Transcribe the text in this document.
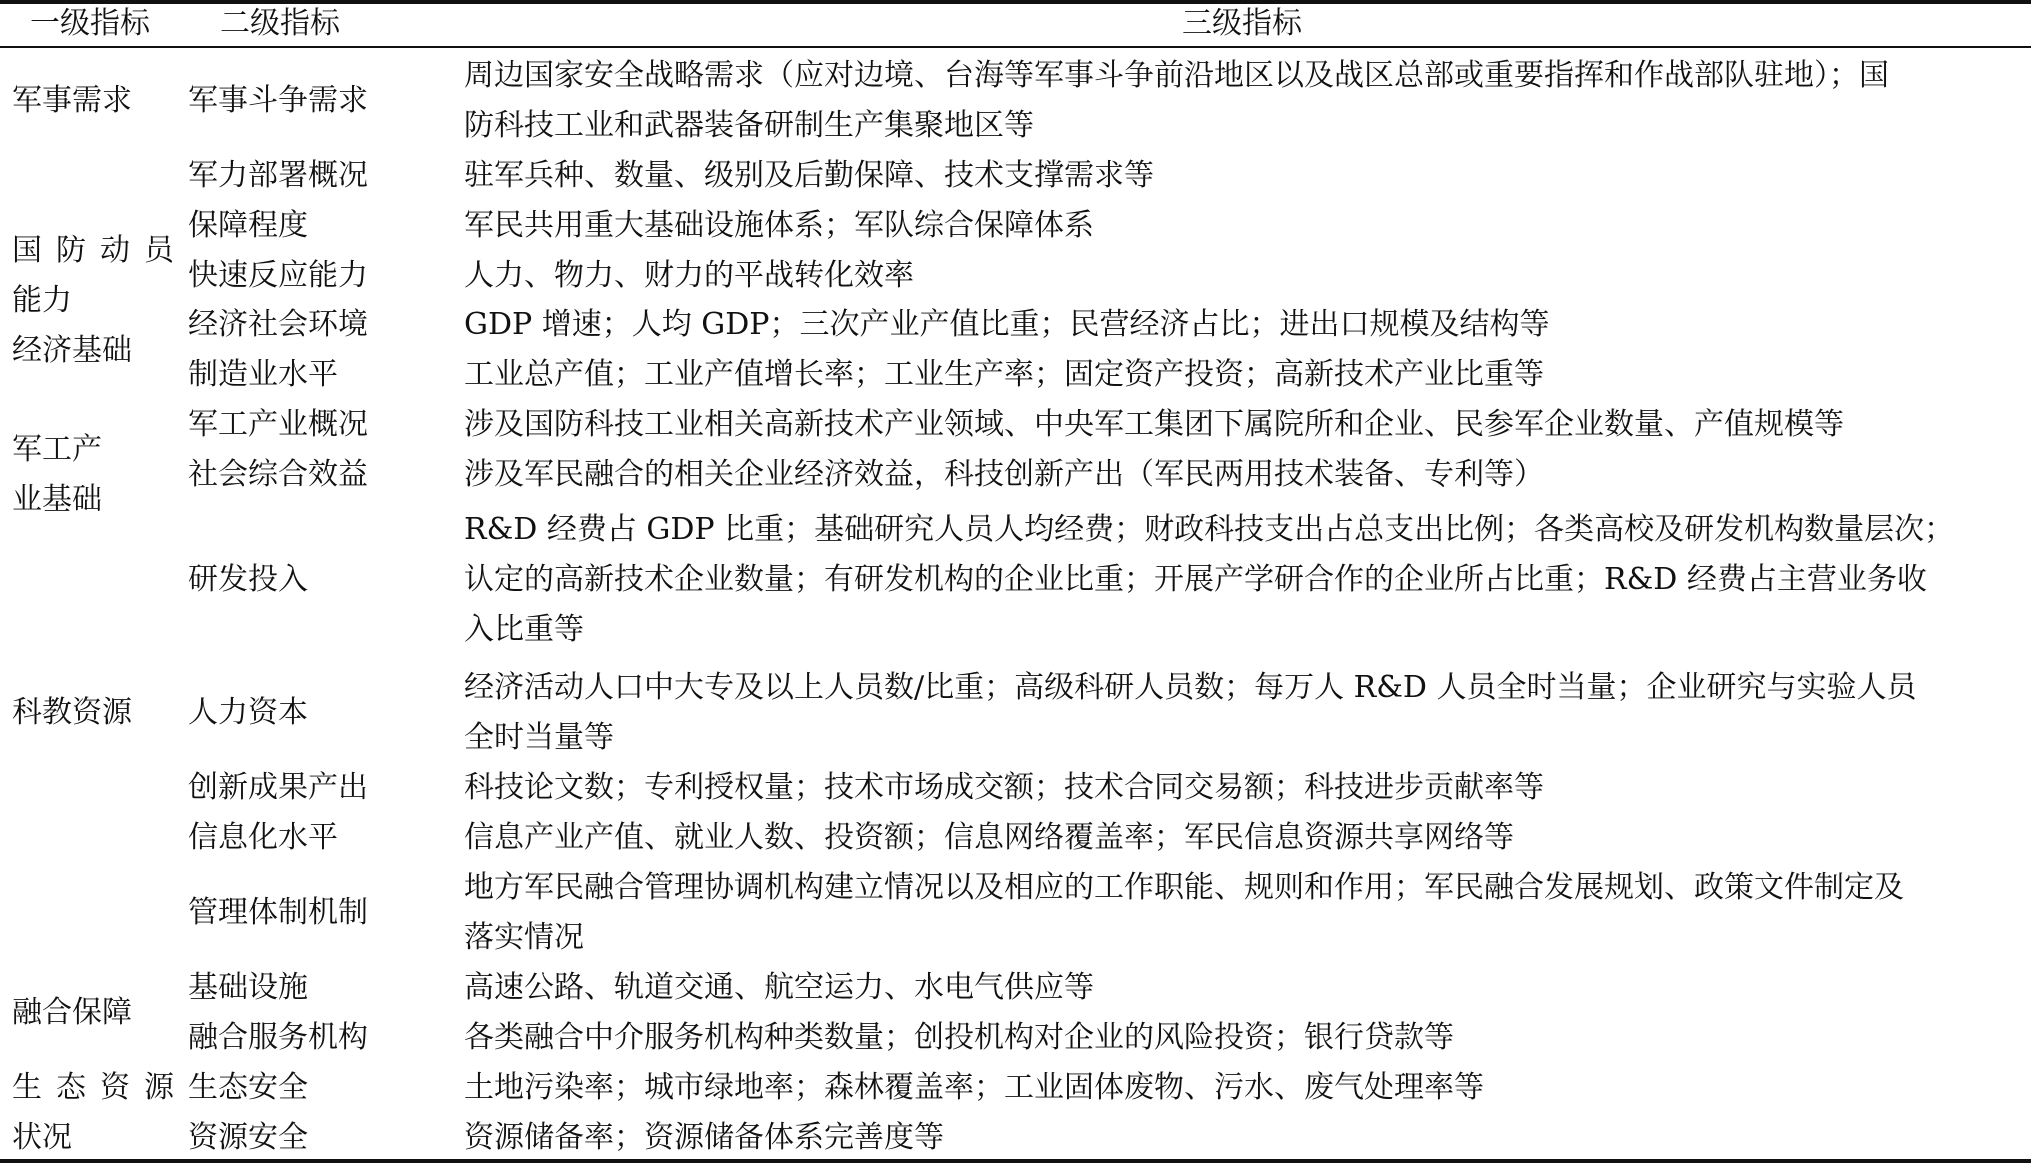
一级指标 二级指标	三级指标
军事需求
国防动员
能力
经济基础
军工产
业基础
科教资源
融合保障
生态资源
状况
军事斗争需求
军力部署概况
保障程度
快速反应能力
经济社会环境
制造业水平
军工产业概况
社会综合效益
研发投入
人力资本
创新成果产出
信息化水平
管理体制机制
基础设施
融合服务机构
生态安全
资源安全
周边国家安全战略需求（应对边境、台海等军事斗争前沿地区以及战区总部或重要指挥和作战部队驻地）；国
防科技工业和武器装备研制生产集聚地区等
驻军兵种、数量、级别及后勤保障、技术支撑需求等
军民共用重大基础设施体系；军队综合保障体系
人力、物力、财力的平战转化效率
GDP 增速；人均 GDP；三次产业产值比重；民营经济占比；进出口规模及结构等
工业总产值；工业产值增长率；工业生产率；固定资产投资；高新技术产业比重等
涉及国防科技工业相关高新技术产业领域、中央军工集团下属院所和企业、民参军企业数量、产值规模等
涉及军民融合的相关企业经济效益，科技创新产出（军民两用技术装备、专利等）
R&D 经费占 GDP 比重；基础研究人员人均经费；财政科技支出占总支出比例；各类高校及研发机构数量层次；
认定的高新技术企业数量；有研发机构的企业比重；开展产学研合作的企业所占比重；R&D 经费占主营业务收
入比重等
经济活动人口中大专及以上人员数/比重；高级科研人员数；每万人 R&D 人员全时当量；企业研究与实验人员
全时当量等
科技论文数；专利授权量；技术市场成交额；技术合同交易额；科技进步贡献率等
信息产业产值、就业人数、投资额；信息网络覆盖率；军民信息资源共享网络等
地方军民融合管理协调机构建立情况以及相应的工作职能、规则和作用；军民融合发展规划、政策文件制定及
落实情况
高速公路、轨道交通、航空运力、水电气供应等
各类融合中介服务机构种类数量；创投机构对企业的风险投资；银行贷款等
土地污染率；城市绿地率；森林覆盖率；工业固体废物、污水、废气处理率等
资源储备率；资源储备体系完善度等
